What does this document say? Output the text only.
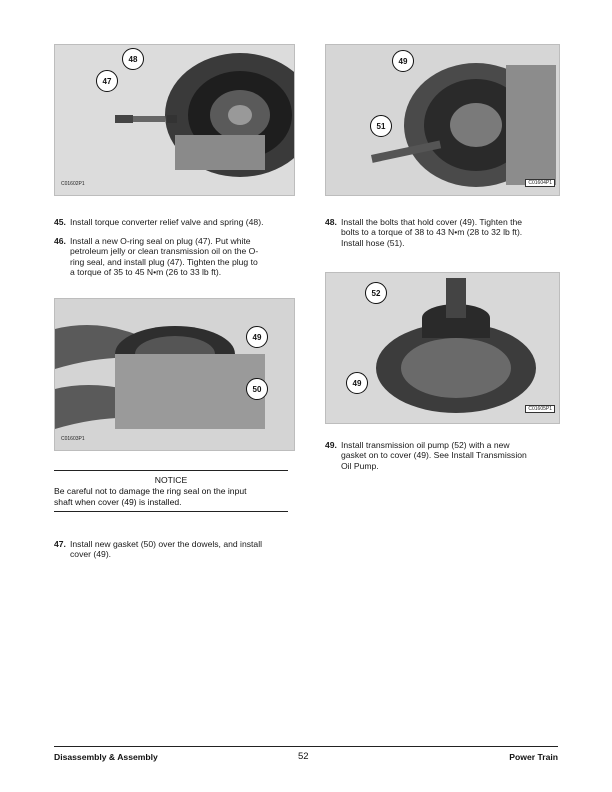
C01602P1
48
47
C01604P1
49
51
C01603P1
49
50
C01605P1
52
49
45. Install torque converter relief valve and spring (48).
46. Install a new O-ring seal on plug (47). Put white
petroleum jelly or clean transmission oil on the O-
ring seal, and install plug (47). Tighten the plug to
a torque of 35 to 45 N•m (26 to 33 lb ft).
NOTICE
Be careful not to damage the ring seal on the input
shaft when cover (49) is installed.
47. Install new gasket (50) over the dowels, and install
cover (49).
48. Install the bolts that hold cover (49). Tighten the
bolts to a torque of 38 to 43 N•m (28 to 32 lb ft).
Install hose (51).
49. Install transmission oil pump (52) with a new
gasket on to cover (49). See Install Transmission
Oil Pump.
Disassembly & Assembly	52	Power Train
